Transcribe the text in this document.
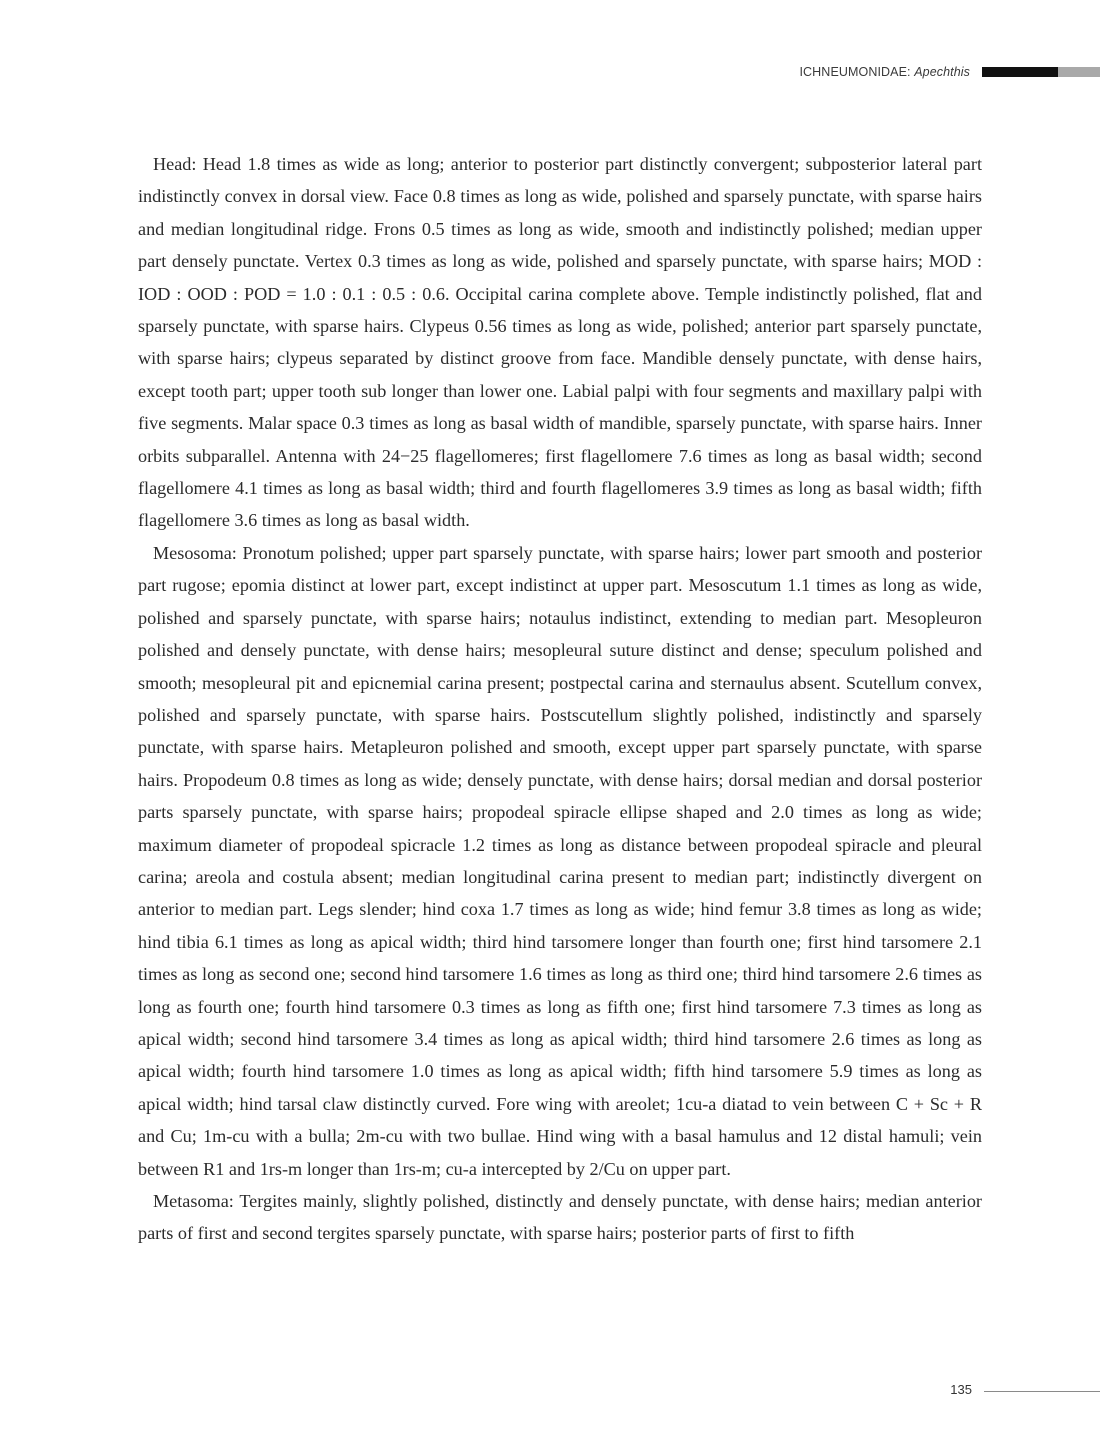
ICHNEUMONIDAE: Apechthis

Head: Head 1.8 times as wide as long; anterior to posterior part distinctly convergent; subposterior lateral part indistinctly convex in dorsal view. Face 0.8 times as long as wide, polished and sparsely punctate, with sparse hairs and median longitudinal ridge. Frons 0.5 times as long as wide, smooth and indistinctly polished; median upper part densely punctate. Vertex 0.3 times as long as wide, polished and sparsely punctate, with sparse hairs; MOD : IOD : OOD : POD = 1.0 : 0.1 : 0.5 : 0.6. Occipital carina complete above. Temple indistinctly polished, flat and sparsely punctate, with sparse hairs. Clypeus 0.56 times as long as wide, polished; anterior part sparsely punctate, with sparse hairs; clypeus separated by distinct groove from face. Mandible densely punctate, with dense hairs, except tooth part; upper tooth sub longer than lower one. Labial palpi with four segments and maxillary palpi with five segments. Malar space 0.3 times as long as basal width of mandible, sparsely punctate, with sparse hairs. Inner orbits subparallel. Antenna with 24−25 flagellomeres; first flagellomere 7.6 times as long as basal width; second flagellomere 4.1 times as long as basal width; third and fourth flagellomeres 3.9 times as long as basal width; fifth flagellomere 3.6 times as long as basal width.

Mesosoma: Pronotum polished; upper part sparsely punctate, with sparse hairs; lower part smooth and posterior part rugose; epomia distinct at lower part, except indistinct at upper part. Mesoscutum 1.1 times as long as wide, polished and sparsely punctate, with sparse hairs; notaulus indistinct, extending to median part. Mesopleuron polished and densely punctate, with dense hairs; mesopleural suture distinct and dense; speculum polished and smooth; mesopleural pit and epicnemial carina present; postpectal carina and sternaulus absent. Scutellum convex, polished and sparsely punctate, with sparse hairs. Postscutellum slightly polished, indistinctly and sparsely punctate, with sparse hairs. Metapleuron polished and smooth, except upper part sparsely punctate, with sparse hairs. Propodeum 0.8 times as long as wide; densely punctate, with dense hairs; dorsal median and dorsal posterior parts sparsely punctate, with sparse hairs; propodeal spiracle ellipse shaped and 2.0 times as long as wide; maximum diameter of propodeal spicracle 1.2 times as long as distance between propodeal spiracle and pleural carina; areola and costula absent; median longitudinal carina present to median part; indistinctly divergent on anterior to median part. Legs slender; hind coxa 1.7 times as long as wide; hind femur 3.8 times as long as wide; hind tibia 6.1 times as long as apical width; third hind tarsomere longer than fourth one; first hind tarsomere 2.1 times as long as second one; second hind tarsomere 1.6 times as long as third one; third hind tarsomere 2.6 times as long as fourth one; fourth hind tarsomere 0.3 times as long as fifth one; first hind tarsomere 7.3 times as long as apical width; second hind tarsomere 3.4 times as long as apical width; third hind tarsomere 2.6 times as long as apical width; fourth hind tarsomere 1.0 times as long as apical width; fifth hind tarsomere 5.9 times as long as apical width; hind tarsal claw distinctly curved. Fore wing with areolet; 1cu-a diatad to vein between C + Sc + R and Cu; 1m-cu with a bulla; 2m-cu with two bullae. Hind wing with a basal hamulus and 12 distal hamuli; vein between R1 and 1rs-m longer than 1rs-m; cu-a intercepted by 2/Cu on upper part.

Metasoma: Tergites mainly, slightly polished, distinctly and densely punctate, with dense hairs; median anterior parts of first and second tergites sparsely punctate, with sparse hairs; posterior parts of first to fifth

135
